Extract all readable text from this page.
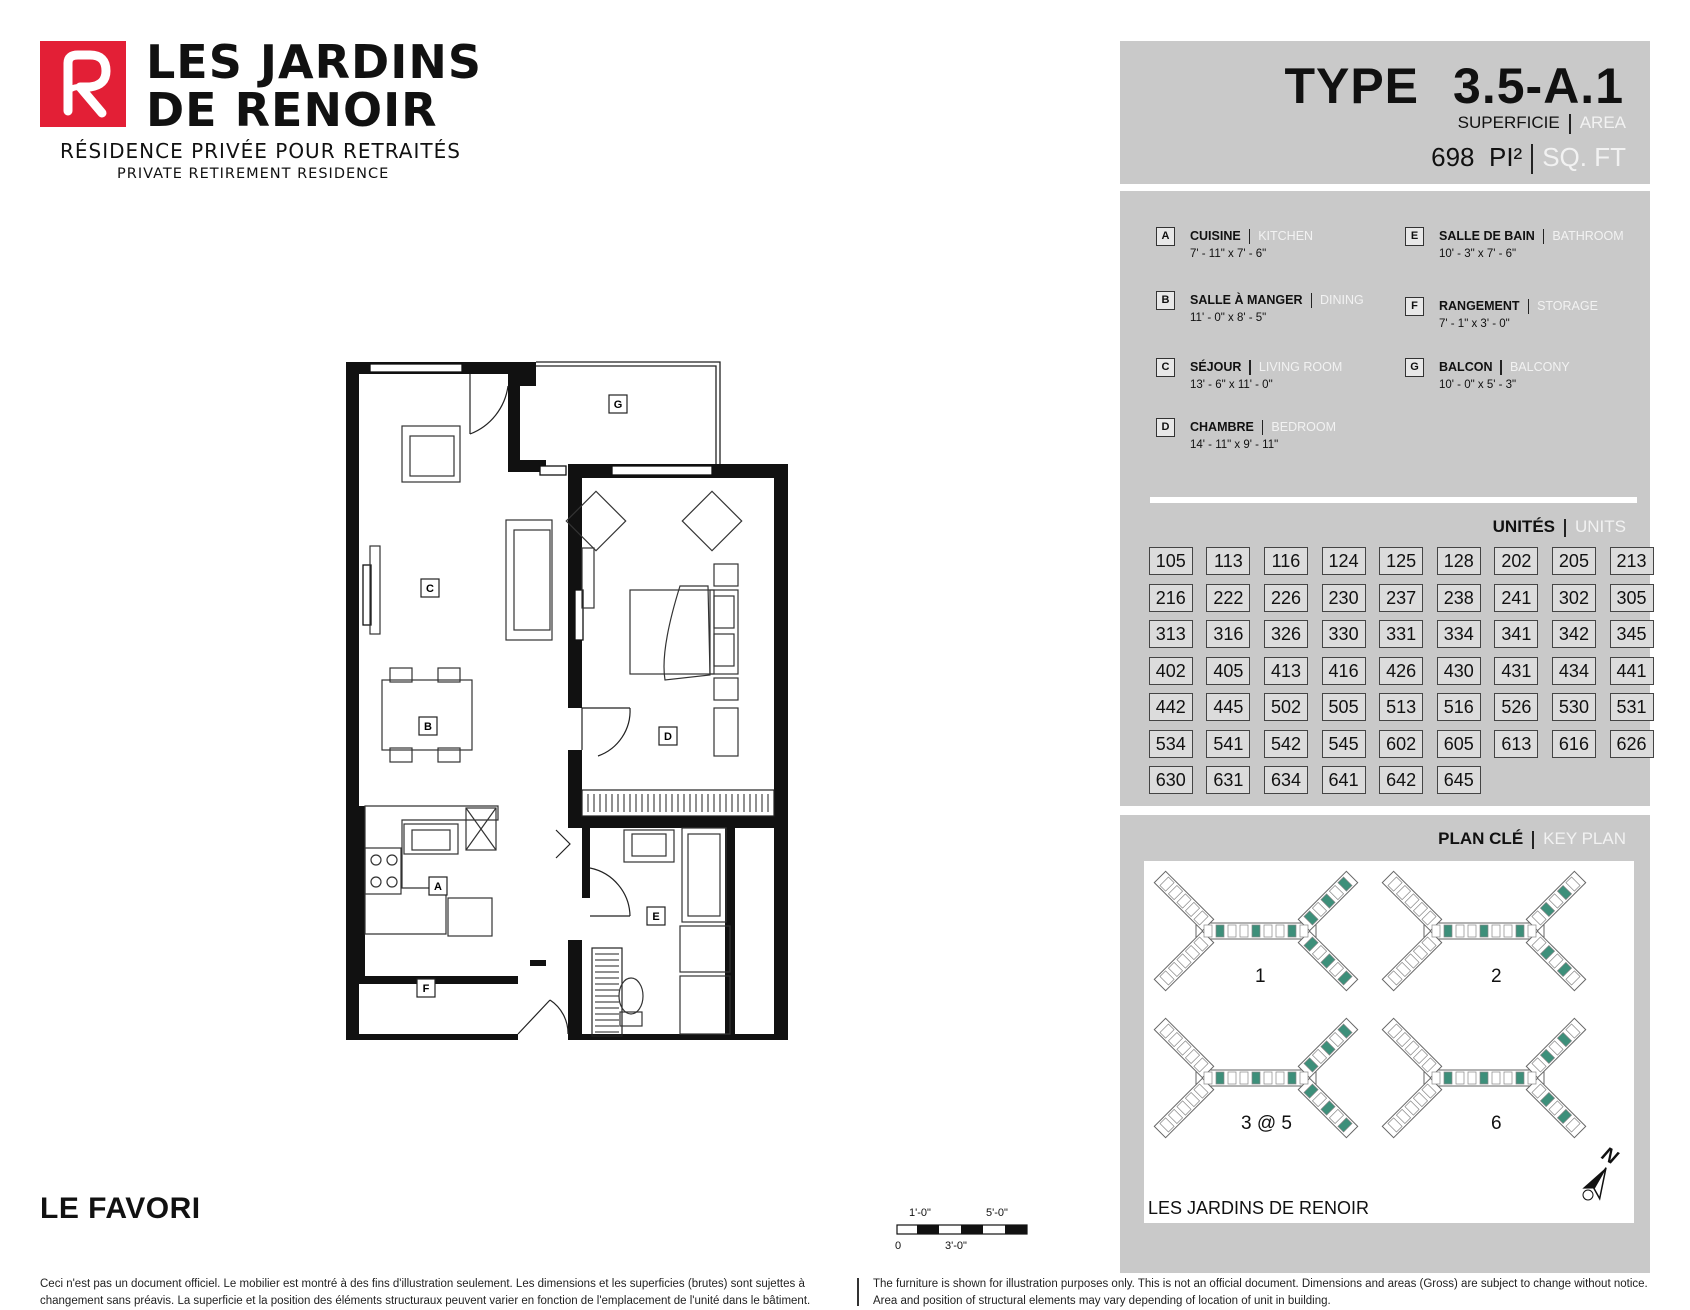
LES JARDINS
DE RENOIR
RÉSIDENCE PRIVÉE POUR RETRAITÉS
PRIVATE RETIREMENT RESIDENCE
TYPE 3.5-A.1
SUPERFICIE AREA
698 PI² SQ. FT
A	CUISINE KITCHEN
7' - 11" x 7' - 6"
B	SALLE À MANGER DINING
11' - 0" x 8' - 5"
C	SÉJOUR LIVING ROOM
13' - 6" x 11' - 0"
D	CHAMBRE BEDROOM
14' - 11" x 9' - 11"
E	SALLE DE BAIN BATHROOM
10' - 3" x 7' - 6"
F	RANGEMENT STORAGE
7' - 1" x 3' - 0"
G	BALCON BALCONY
10' - 0" x 5' - 3"
UNITÉS UNITS
105	113	116	124	125	128	202	205	213
216	222	226	230	237	238	241	302	305
313	316	326	330	331	334	341	342	345
402	405	413	416	426	430	431	434	441
442	445	502	505	513	516	526	530	531
534	541	542	545	602	605	613	616	626
630	631	634	641	642	645
PLAN CLÉ KEY PLAN
1	2
3 @ 5	6
LES JARDINS DE RENOIR
N
A
B
C
D
E
F
G
LE FAVORI	1'-0"	5'-0"
0	3'-0"
Ceci n'est pas un document officiel. Le mobilier est montré à des fins d'illustration seulement. Les dimensions et les superficies (brutes) sont sujettes à changement sans préavis. La superficie et la position des éléments structuraux peuvent varier en fonction de l'emplacement de l'unité dans le bâtiment.
The furniture is shown for illustration purposes only. This is not an official document. Dimensions and areas (Gross) are subject to change without notice. Area and position of structural elements may vary depending of location of unit in building.
